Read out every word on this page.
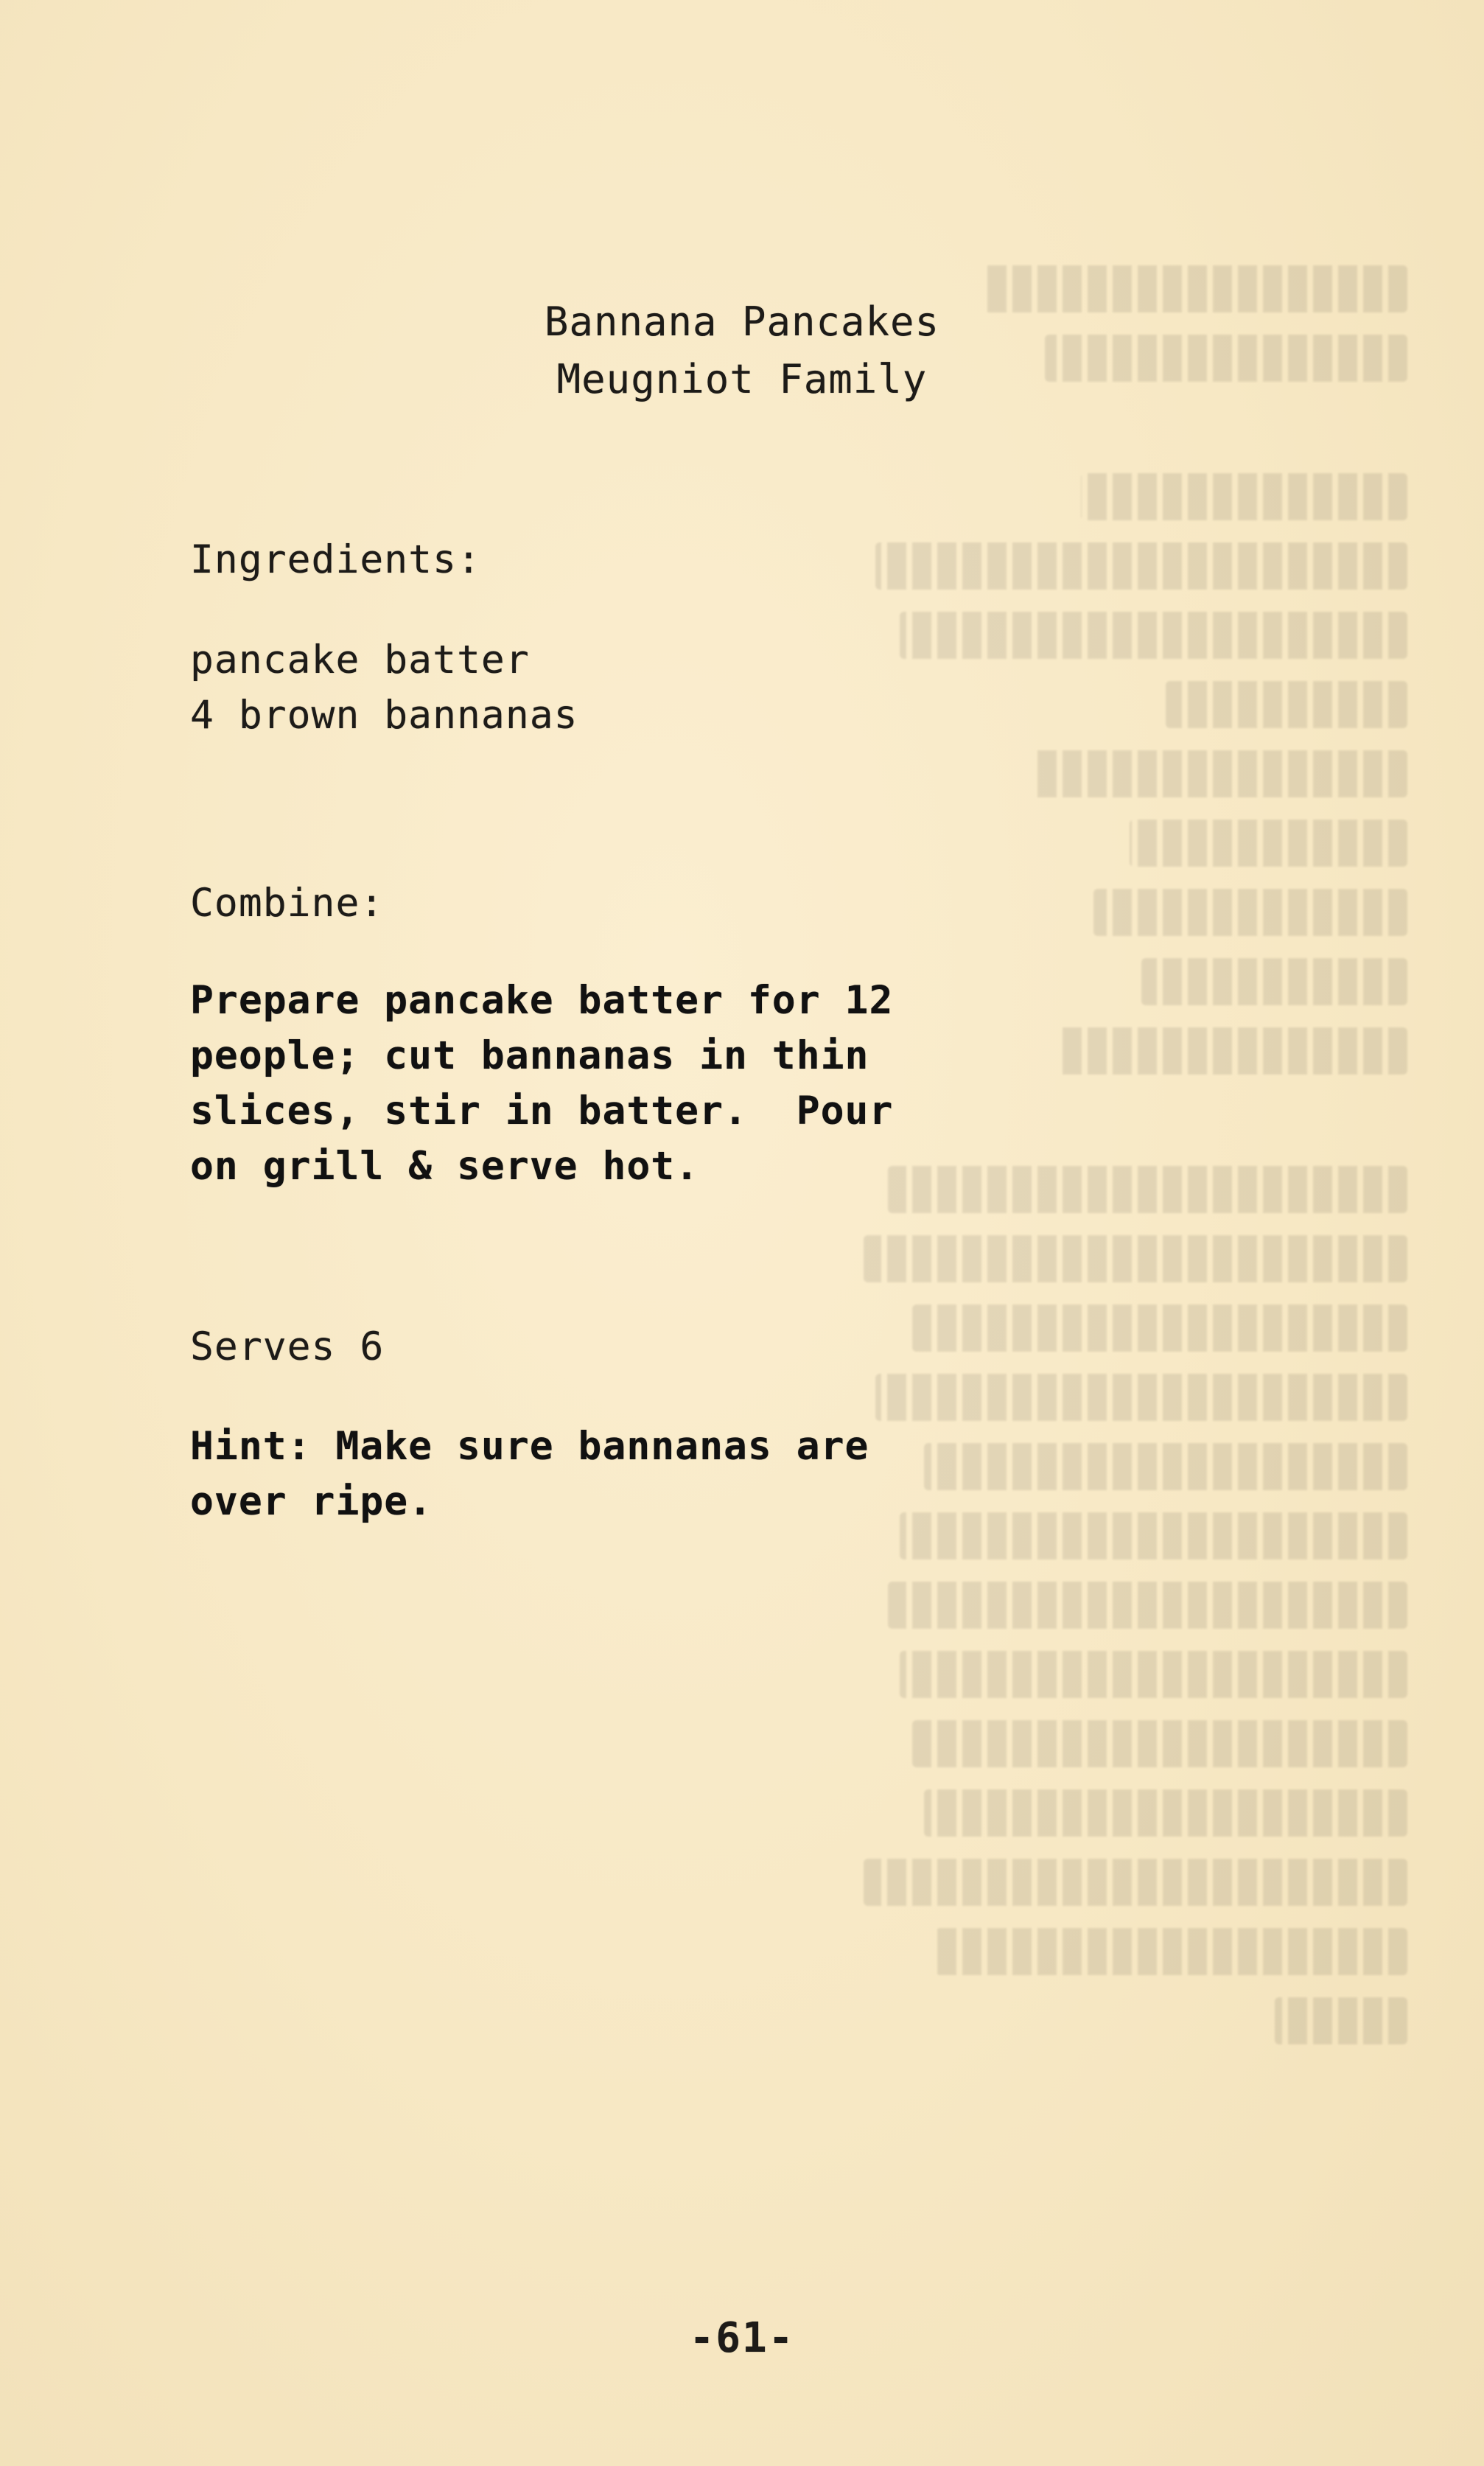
Bannana Pancakes
Meugniot Family
Ingredients:
pancake batter
4 brown bannanas
Combine:
Prepare pancake batter for 12
people; cut bannanas in thin
slices, stir in batter.  Pour
on grill & serve hot.
Serves 6
Hint: Make sure bannanas are
over ripe.
-61-
